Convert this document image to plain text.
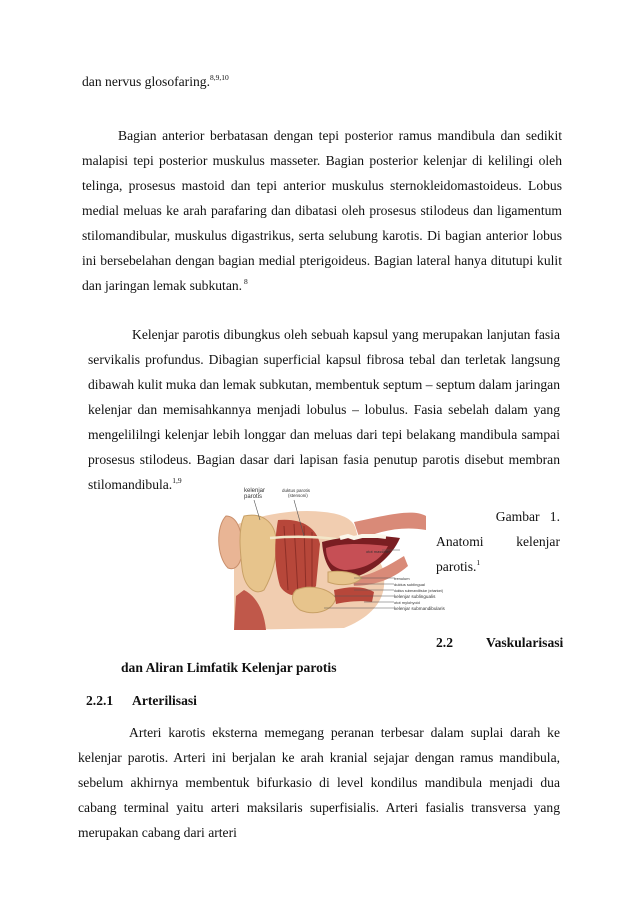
dan nervus glosofaring.$^{8,9,10}$

Bagian anterior berbatasan dengan tepi posterior ramus mandibula dan sedikit malapisi tepi posterior muskulus masseter. Bagian posterior kelenjar di kelilingi oleh telinga, prosesus mastoid dan tepi anterior muskulus sternokleidomastoideus. Lobus medial meluas ke arah parafaring dan dibatasi oleh prosesus stilodeus dan ligamentum stilomandibular, muskulus digastrikus, serta selubung karotis. Di bagian anterior lobus ini bersebelahan dengan bagian medial pterigoideus. Bagian lateral hanya ditutupi kulit dan jaringan lemak subkutan. $^8$

Kelenjar parotis dibungkus oleh sebuah kapsul yang merupakan lanjutan fasia servikalis profundus. Dibagian superficial kapsul fibrosa tebal dan terletak langsung dibawah kulit muka dan lemak subkutan, membentuk septum – septum dalam jaringan kelenjar dan memisahkannya menjadi lobulus – lobulus. Fasia sebelah dalam yang mengelililngi kelenjar lebih longgar dan meluas dari tepi belakang mandibula sampai prosesus stilodeus. Bagian dasar dari lapisan fasia penutup parotis disebut membran stilomandibula.$^{1,9}$

kelenjar
parotis
duktus parotis
(stensoni)
otot masseter
frenulum
duktus sublingual
duktus submandibular (whartoni)
kelenjar sublingualis
otot mylohyoid
kelenjar submandibularis
Gambar
1.
Anatomi kelenjar
parotis.$^1$
2.2 Vaskularisasi
dan Aliran Limfatik Kelenjar parotis
2.2.1 Arterilisasi

Arteri karotis eksterna memegang peranan terbesar dalam suplai darah ke kelenjar parotis. Arteri ini berjalan ke arah kranial sejajar dengan ramus mandibula, sebelum akhirnya membentuk bifurkasio di level kondilus mandibula menjadi dua cabang terminal yaitu arteri maksilaris superfisialis. Arteri fasialis transversa yang merupakan cabang dari arteri
